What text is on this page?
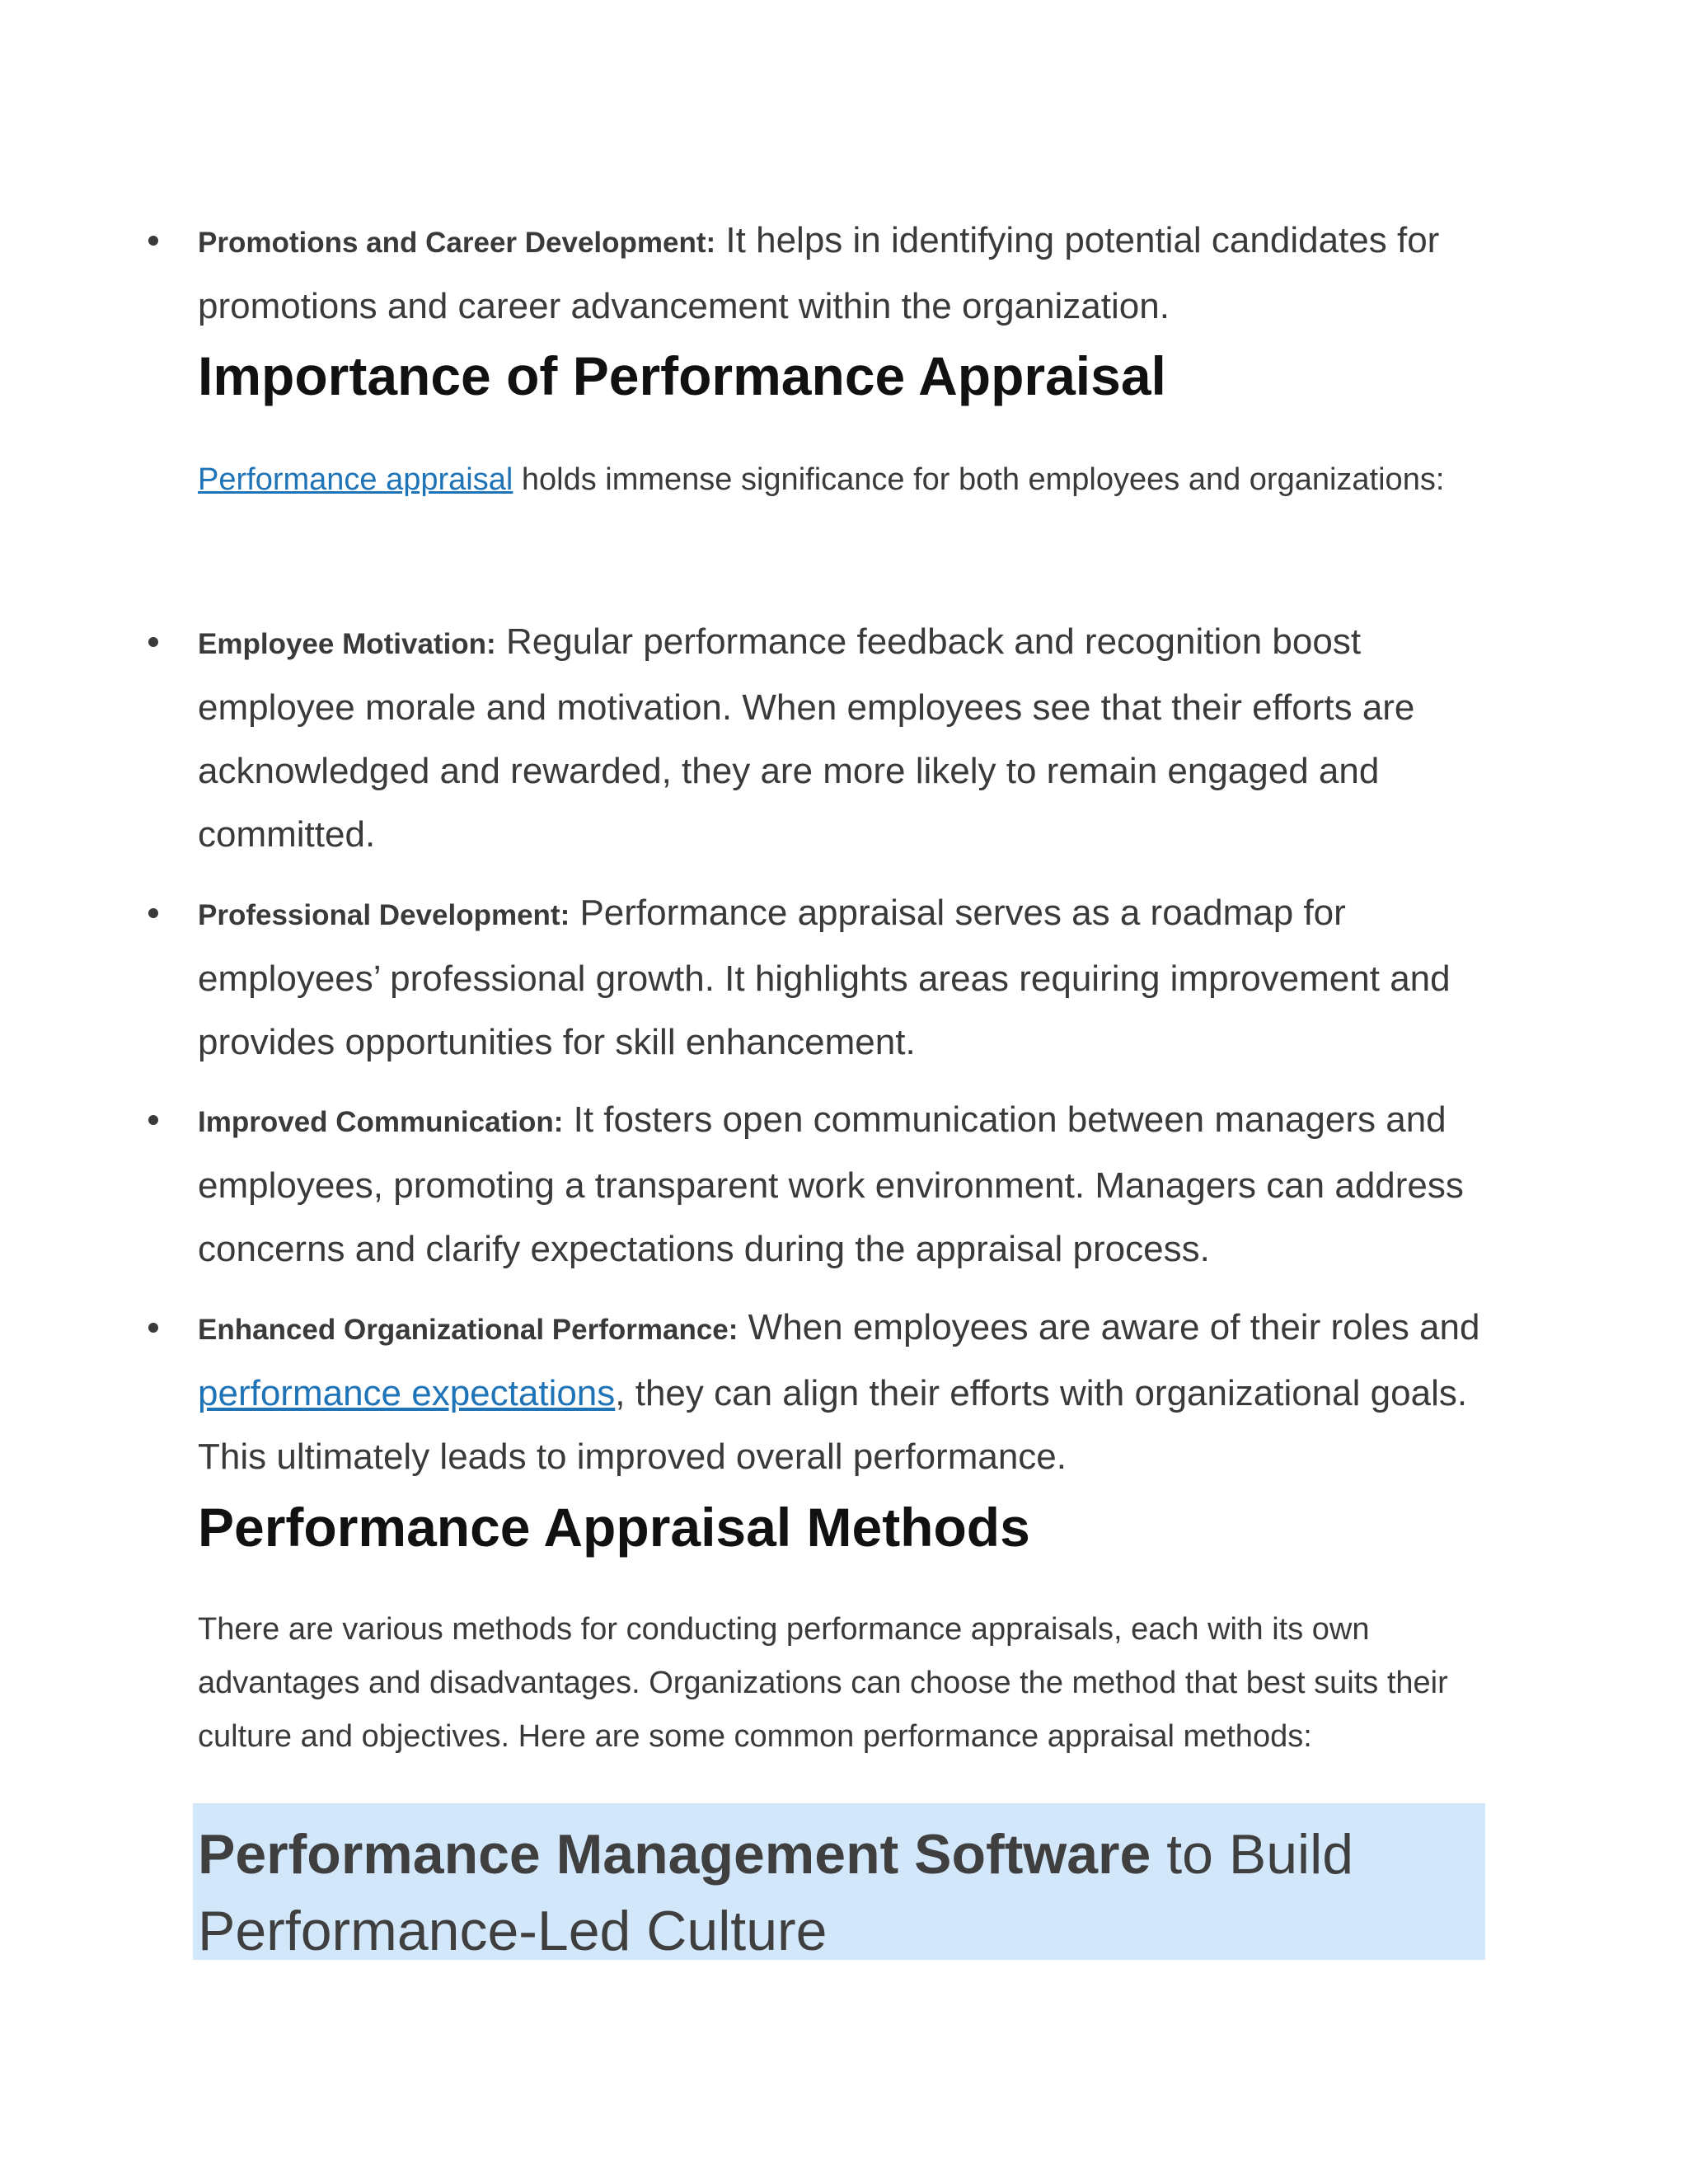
Promotions and Career Development: It helps in identifying potential candidates for promotions and career advancement within the organization.
Importance of Performance Appraisal
Performance appraisal holds immense significance for both employees and organizations:
Employee Motivation: Regular performance feedback and recognition boost employee morale and motivation. When employees see that their efforts are acknowledged and rewarded, they are more likely to remain engaged and committed.
Professional Development: Performance appraisal serves as a roadmap for employees’ professional growth. It highlights areas requiring improvement and provides opportunities for skill enhancement.
Improved Communication: It fosters open communication between managers and employees, promoting a transparent work environment. Managers can address concerns and clarify expectations during the appraisal process.
Enhanced Organizational Performance: When employees are aware of their roles and performance expectations, they can align their efforts with organizational goals. This ultimately leads to improved overall performance.
Performance Appraisal Methods
There are various methods for conducting performance appraisals, each with its own advantages and disadvantages. Organizations can choose the method that best suits their culture and objectives. Here are some common performance appraisal methods:
Performance Management Software to Build Performance-Led Culture
